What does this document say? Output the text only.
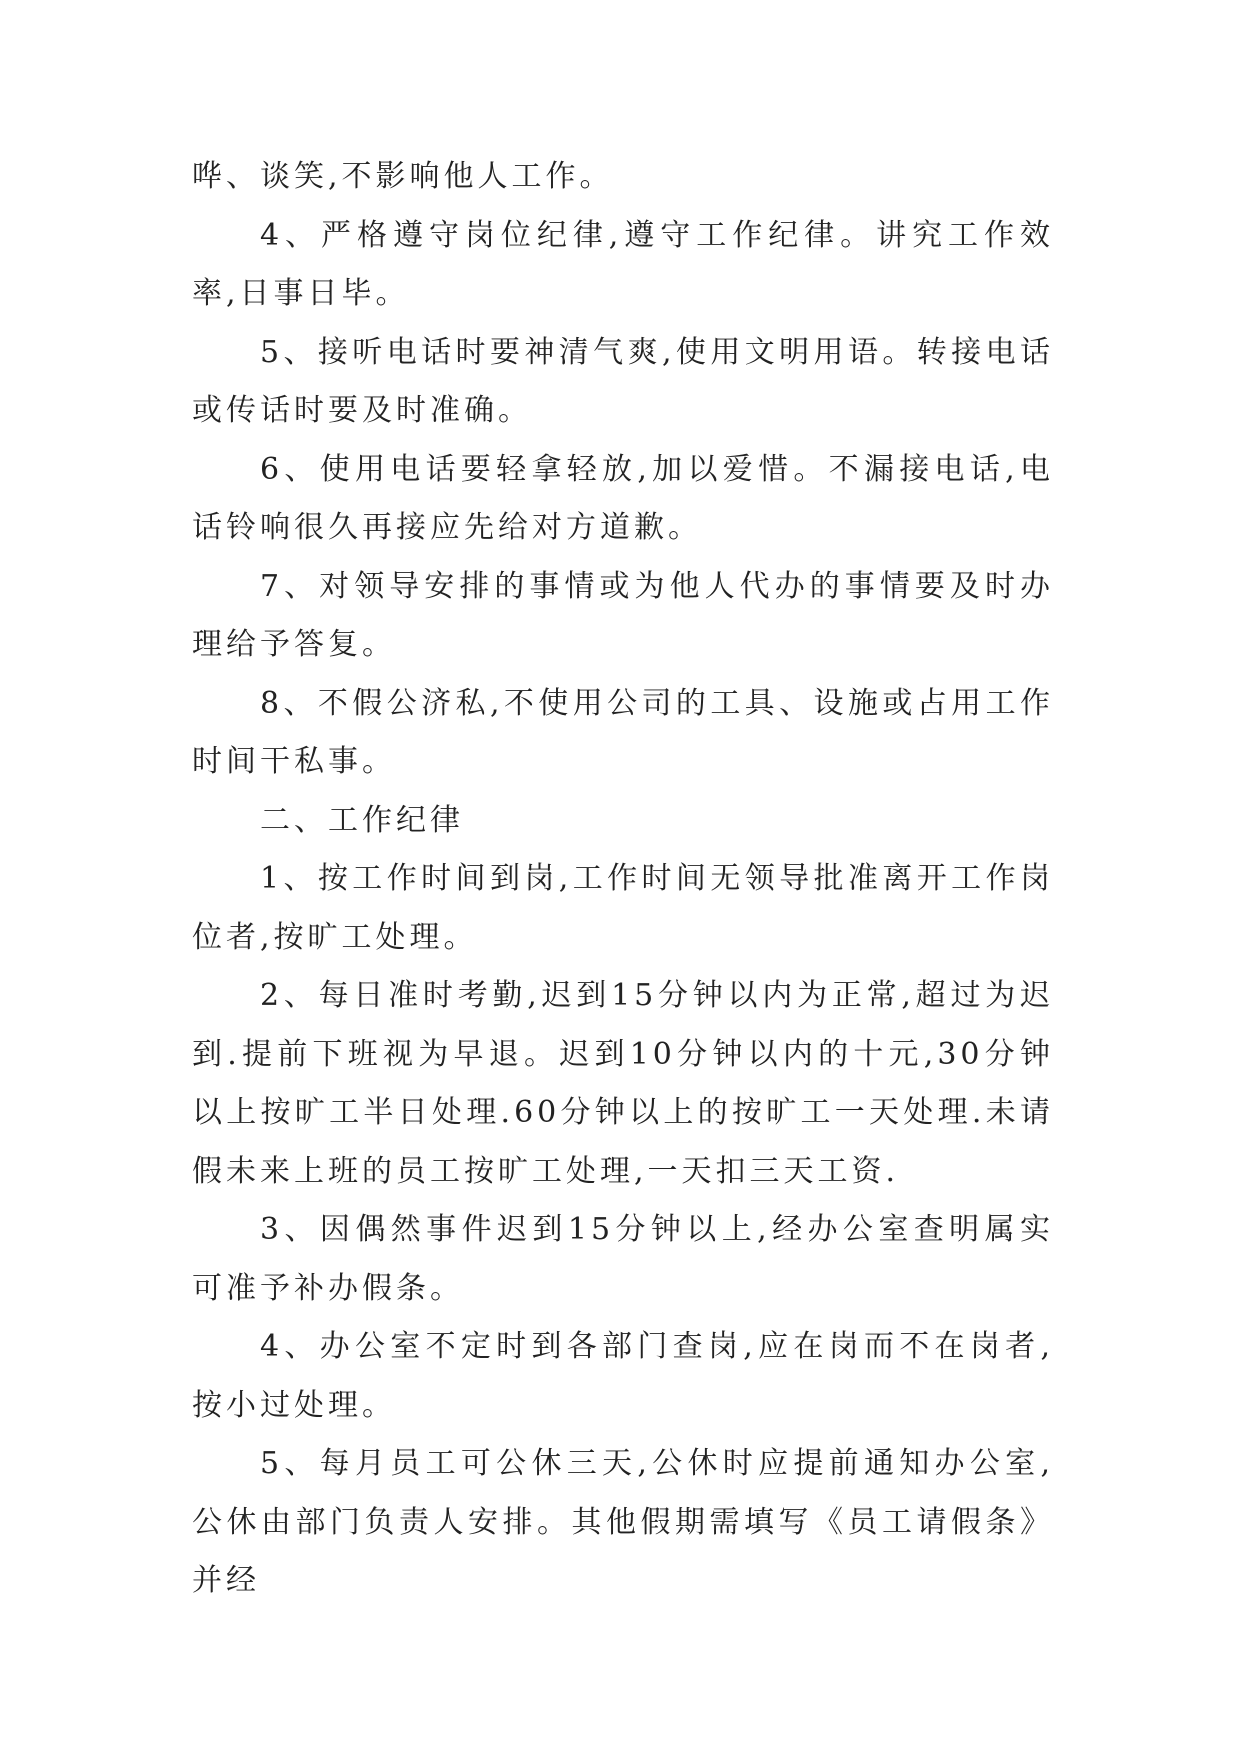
哗、谈笑,不影响他人工作。

4、严格遵守岗位纪律,遵守工作纪律。讲究工作效率,日事日毕。

5、接听电话时要神清气爽,使用文明用语。转接电话或传话时要及时准确。

6、使用电话要轻拿轻放,加以爱惜。不漏接电话,电话铃响很久再接应先给对方道歉。

7、对领导安排的事情或为他人代办的事情要及时办理给予答复。

8、不假公济私,不使用公司的工具、设施或占用工作时间干私事。

二、工作纪律

1、按工作时间到岗,工作时间无领导批准离开工作岗位者,按旷工处理。

2、每日准时考勤,迟到15分钟以内为正常,超过为迟到.提前下班视为早退。迟到10分钟以内的十元,30分钟以上按旷工半日处理.60分钟以上的按旷工一天处理.未请假未来上班的员工按旷工处理,一天扣三天工资.

3、因偶然事件迟到15分钟以上,经办公室查明属实可准予补办假条。

4、办公室不定时到各部门查岗,应在岗而不在岗者,按小过处理。

5、每月员工可公休三天,公休时应提前通知办公室,公休由部门负责人安排。其他假期需填写《员工请假条》并经
